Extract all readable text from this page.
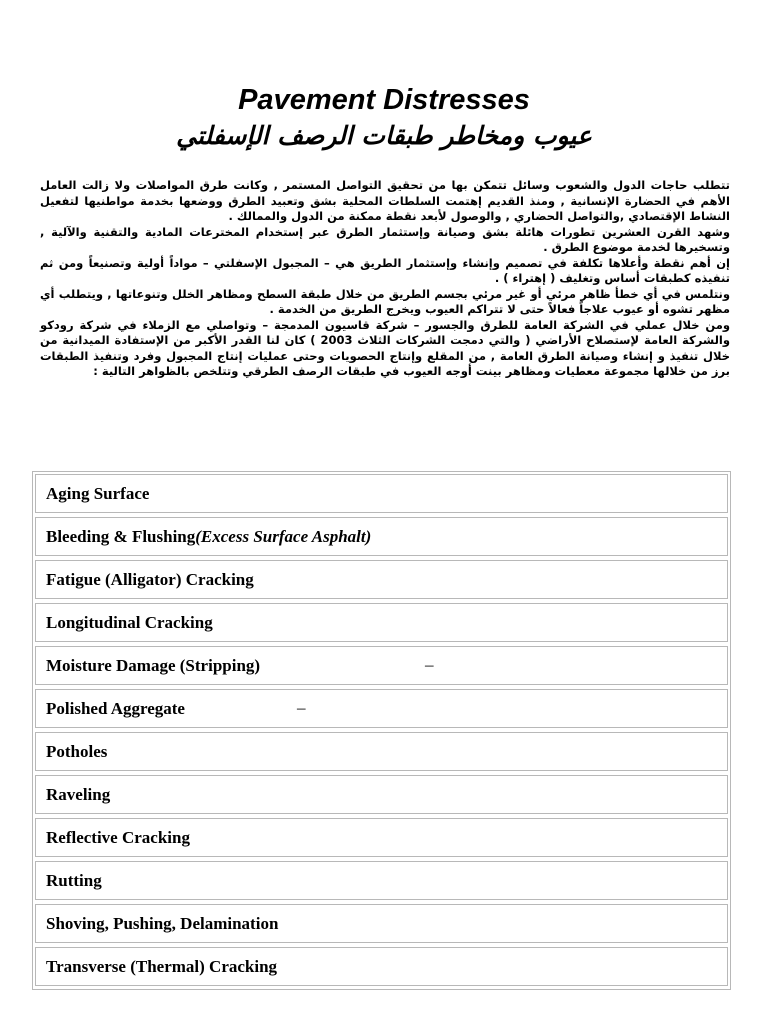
Pavement Distresses
عيوب ومخاطر طبقات الرصف الإسفلتي

تتطلب حاجات الدول والشعوب وسائل تتمكن بها من تحقيق التواصل المستمر , وكانت طرق المواصلات ولا زالت العامل الأهم في الحضارة الإنسانية , ومنذ القديم إهتمت السلطات المحلية بشق وتعبيد الطرق ووضعها بخدمة مواطنيها لتفعيل النشاط الإقتصادي ,والتواصل الحضاري , والوصول لأبعد نقطة ممكنة من الدول والممالك .

وشهد القرن العشرين تطورات هائلة بشق وصيانة وإستثمار الطرق عبر إستخدام المخترعات المادية والتقنية والآلية , وتسخيرها لخدمة موضوع الطرق .

إن أهم نقطة وأعلاها تكلفة في تصميم وإنشاء وإستثمار الطريق هي – المجبول الإسفلتي – مواداً أولية وتصنيعاً ومن ثم تنفيذه كطبقات أساس وتغليف ( إهتراء ) .

ونتلمس في أي خطأ ظاهر مرئي أو غير مرئي بجسم الطريق من خلال طبقة السطح ومظاهر الخلل وتنوعاتها , ويتطلب أي مظهر تشوه أو عيوب علاجاً فعالاً حتى لا تتراكم العيوب ويخرج الطريق من الخدمة .

ومن خلال عملي في الشركة العامة للطرق والجسور – شركة قاسيون المدمجة – وتواصلي مع الزملاء في شركة رودكو والشركة العامة لإستصلاح الأراضي ( والتي دمجت الشركات الثلاث 2003 ) كان لنا القدر الأكبر من الإستفادة الميدانية من خلال تنفيذ و إنشاء وصيانة الطرق العامة , من المقلع وإنتاج الحصويات وحتى عمليات إنتاج المجبول وفرد وتنفيذ الطبقات برز من خلالها مجموعة معطيات ومظاهر بينت أوجه العيوب في طبقات الرصف الطرقي وتتلخص بالظواهر التالية :

Aging Surface
Bleeding & Flushing (Excess Surface Asphalt)
Fatigue (Alligator) Cracking
Longitudinal Cracking
Moisture Damage (Stripping)	–
Polished Aggregate	–
Potholes
Raveling
Reflective Cracking
Rutting
Shoving, Pushing, Delamination
Transverse (Thermal) Cracking
